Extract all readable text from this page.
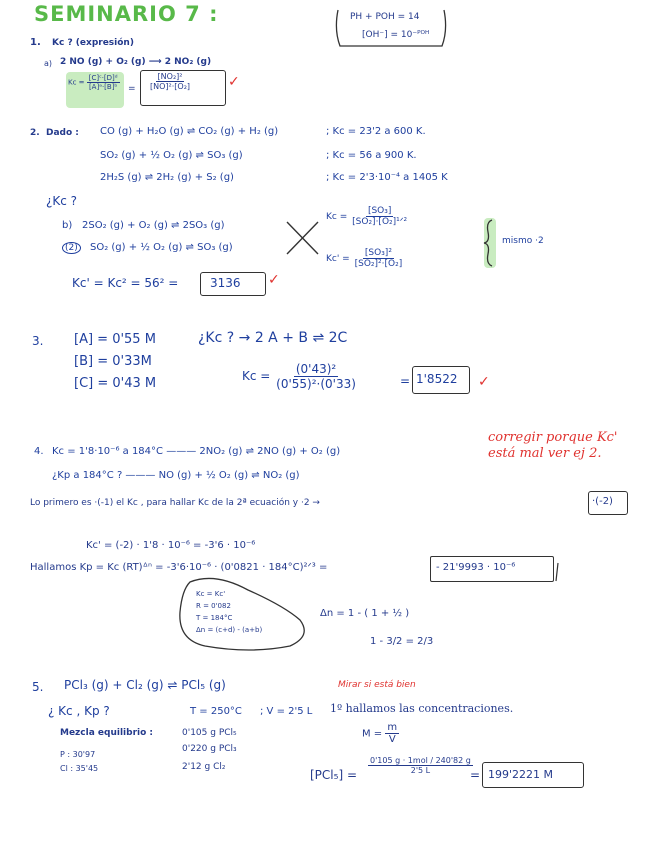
SEMINARIO 7 :	PH + POH = 14
[OH⁻] = 10⁻ᴾᴼᴴ
1. Kc ? (expresión)
a) 2 NO (g) + O₂ (g) ⟶ 2 NO₂ (g)
$Kc = \frac{\text{[C]ᶜ·[D]ᵈ}}{\text{[A]ᵃ·[B]ᵇ}} = \frac{\text{[NO₂]²}}{\text{[NO]²·[O₂]}}$	✓
2. Dado : CO (g) + H₂O (g) ⇌ CO₂ (g) + H₂ (g)	; Kc = 23'2 a 600 K.
SO₂ (g) + ½ O₂ (g) ⇌ SO₃ (g)	; Kc = 56 a 900 K.
2H₂S (g) ⇌ 2H₂ (g) + S₂ (g)	; Kc = 2'3·10⁻⁴ a 1405 K
¿Kc ?
b) 2SO₂ (g) + O₂ (g) ⇌ 2SO₃ (g)
(2)	SO₂ (g) + ½ O₂ (g) ⇌ SO₃ (g)
$Kc = \frac{\text{[SO₃]}}{\text{[SO₂]·[O₂]¹ᐟ²}}$
$Kc' = \frac{\text{[SO₃]²}}{\text{[SO₂]²·[O₂]}}$
mismo ·2
Kc' = Kc² = 56² =	3136 ✓
3. [A] = 0'55 M
[B] = 0'33M
[C] = 0'43 M
¿Kc ? → 2 A + B ⇌ 2C
$Kc = \frac{\text{(0'43)²}}{\text{(0'55)²·(0'33)}}$	= 1'8522 ✓
4. Kc = 1'8·10⁻⁶ a 184°C ——— 2NO₂ (g) ⇌ 2NO (g) + O₂ (g)
¿Kp a 184°C ? ——— NO (g) + ½ O₂ (g) ⇌ NO₂ (g)
corregir porque Kc' está mal ver ej 2.
Lo primero es ·(-1) el Kc , para hallar Kc de la 2ª ecuación y ·2 →	·(-2)
Kc' = (-2) · 1'8 · 10⁻⁶ = -3'6 · 10⁻⁶
Hallamos Kp = Kc (RT)ᐞⁿ = -3'6·10⁻⁶ · (0'0821 · 184°C)²ᐟ³ =	- 21'9993 · 10⁻⁶
Kc = Kc'
R = 0'082
T = 184°C
Δn = (c+d) - (a+b)
Δn = 1 - ( 1 + ½ )
1 - 3/2 = 2/3
5. PCl₃ (g) + Cl₂ (g) ⇌ PCl₅ (g)	Mirar si está bien
¿ Kc , Kp ?	T = 250°C ; V = 2'5 L 1º hallamos las concentraciones.
Mezcla equilibrio :	0'105 g PCl₅
0'220 g PCl₃
2'12 g Cl₂
P : 30'97
Cl : 35'45
$M = \frac{m}{V}$
$[PCl_5] = \frac{\text{0'105 g · 1mol / 240'82 g}}{2'5 L}$
= 199'2221 M
